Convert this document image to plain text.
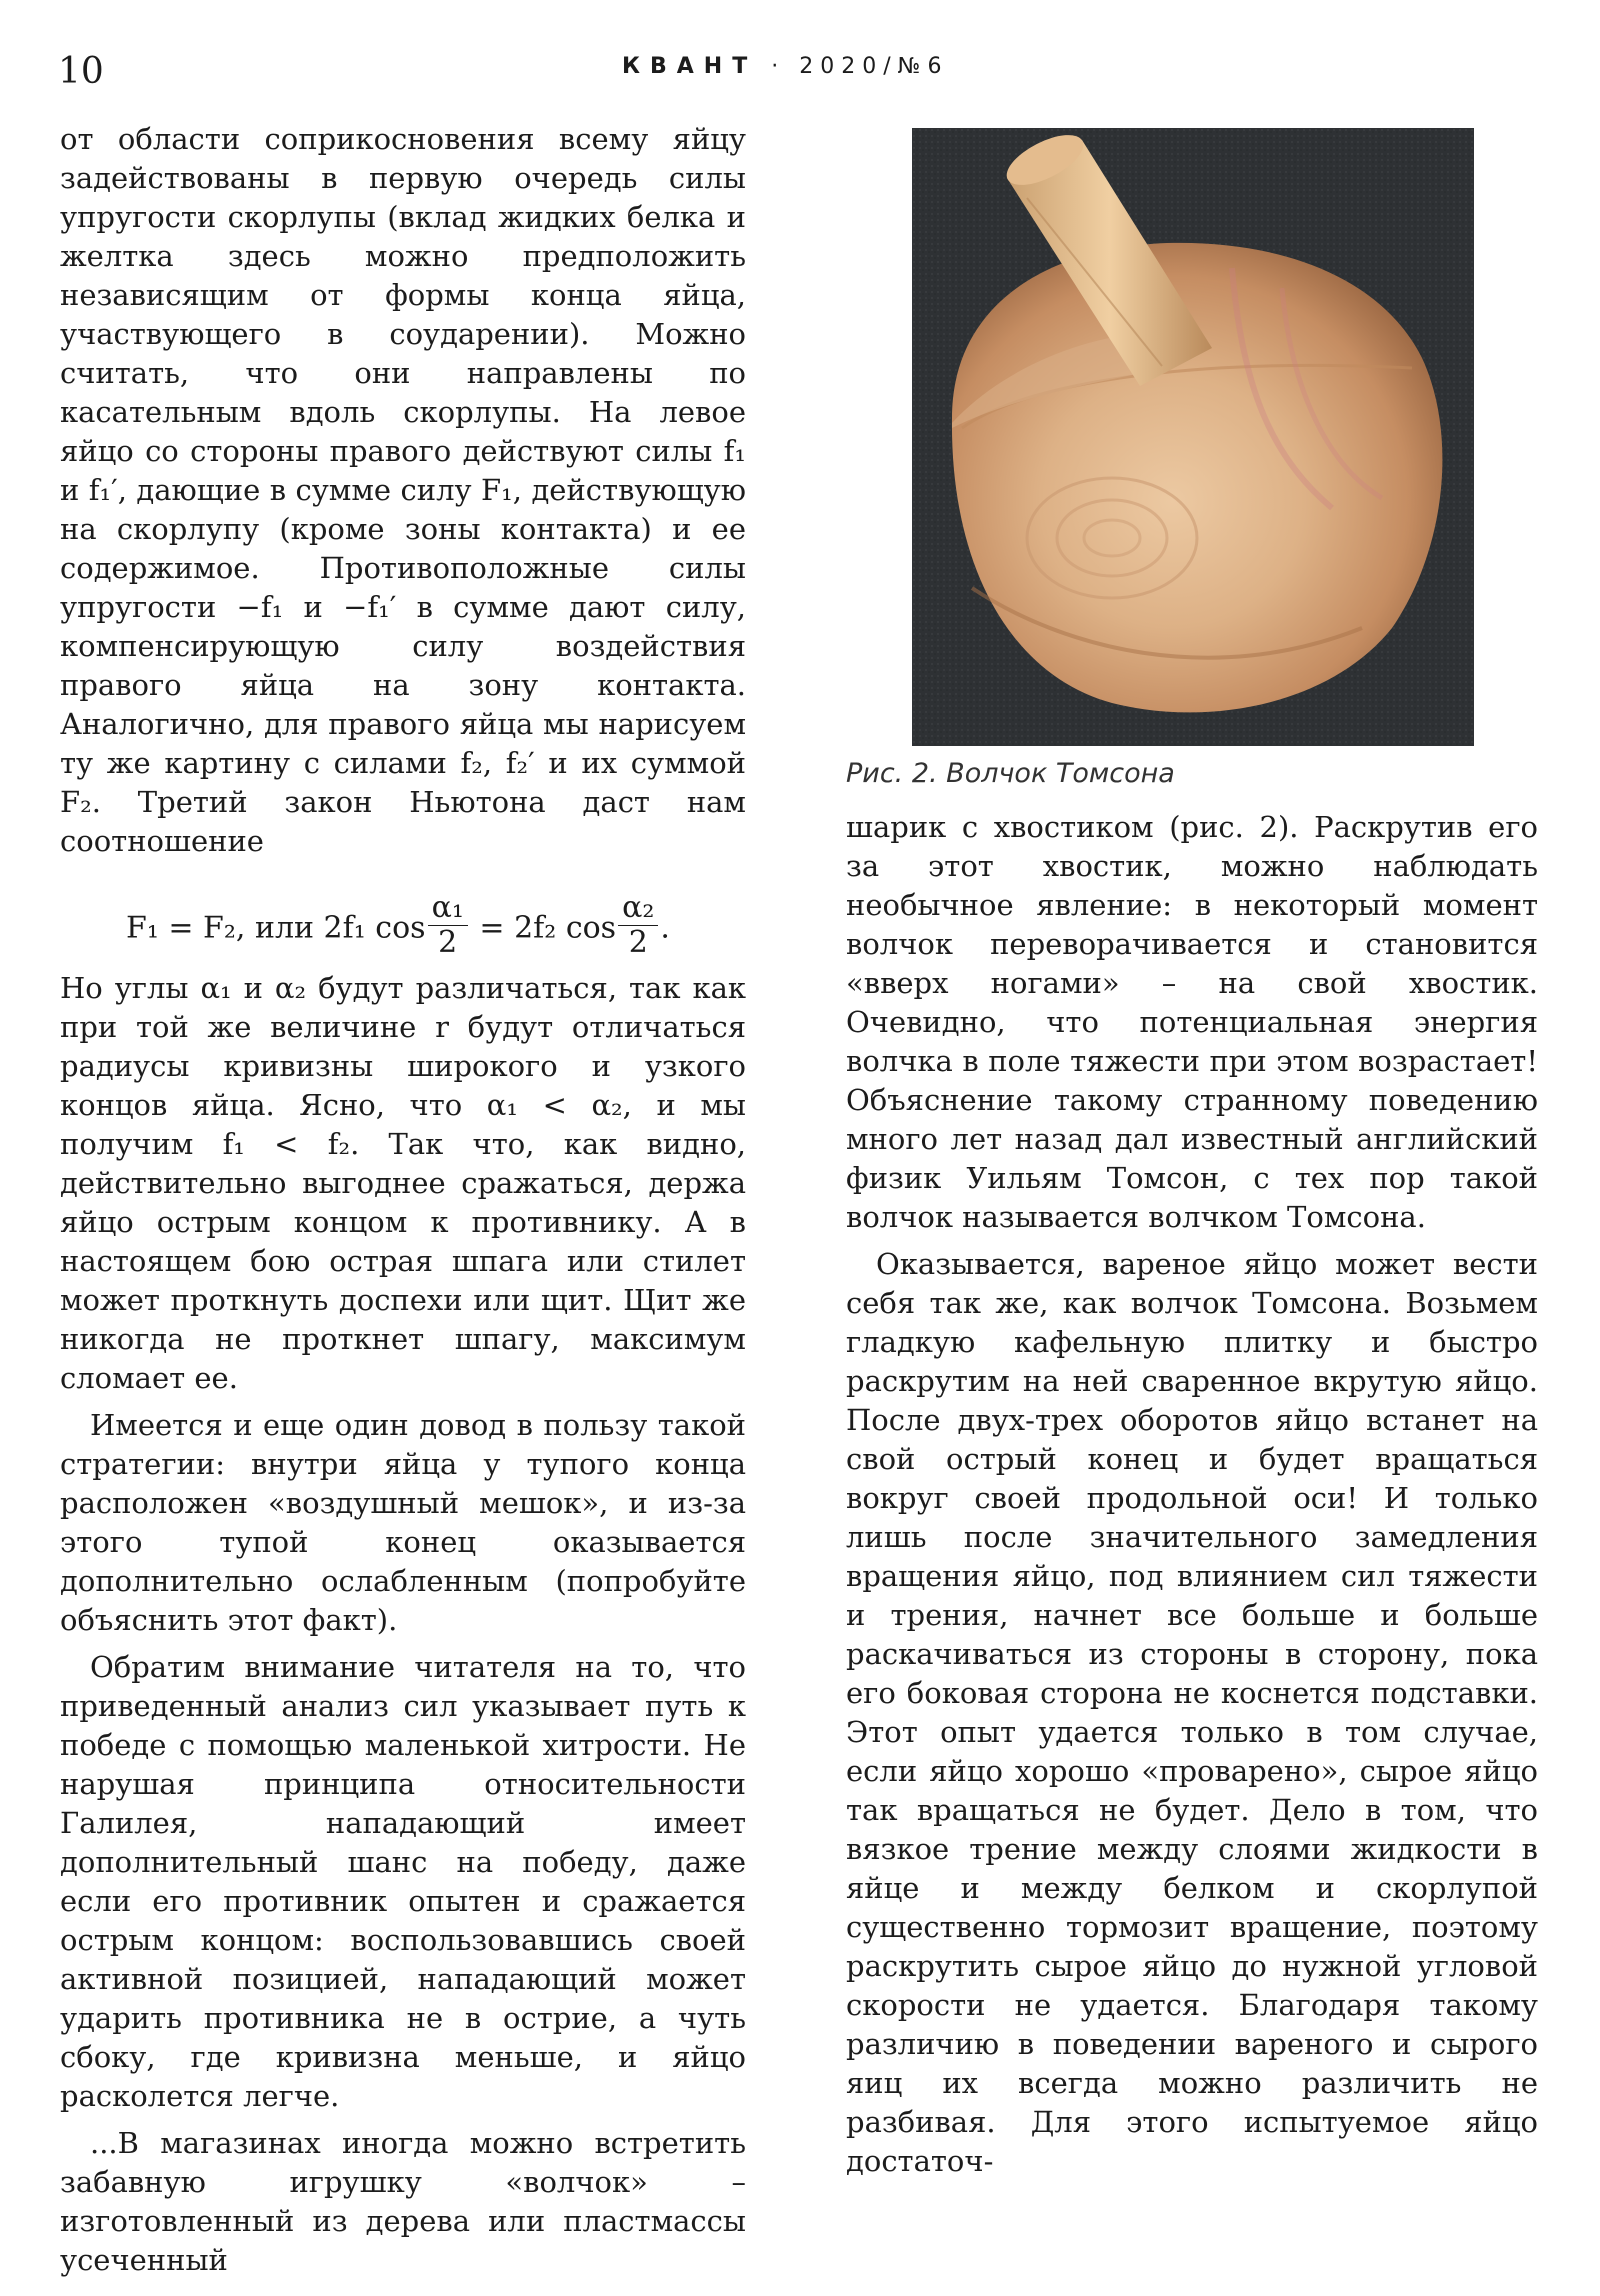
10	КВАНТ · 2020/№6

от области соприкосновения всему яйцу задействованы в первую очередь силы упругости скорлупы (вклад жидких белка и желтка здесь можно предположить независящим от формы конца яйца, участвующего в соударении). Можно считать, что они направлены по касательным вдоль скорлупы. На левое яйцо со стороны правого действуют силы f₁ и f₁′, дающие в сумме силу F₁, действующую на скорлупу (кроме зоны контакта) и ее содержимое. Противоположные силы упругости −f₁ и −f₁′ в сумме дают силу, компенсирующую силу воздействия правого яйца на зону контакта. Аналогично, для правого яйца мы нарисуем ту же картину с силами f₂, f₂′ и их суммой F₂. Третий закон Ньютона даст нам соотношение

F₁ = F₂, или 2f₁ $\cos \frac{\text{α₁}}{2} = 2f_2$ $\cos \frac{\text{α₂}}{2}$ .

Но углы α₁ и α₂ будут различаться, так как при той же величине r будут отличаться радиусы кривизны широкого и узкого концов яйца. Ясно, что α₁ < α₂, и мы получим f₁ < f₂. Так что, как видно, действительно выгоднее сражаться, держа яйцо острым концом к противнику. А в настоящем бою острая шпага или стилет может проткнуть доспехи или щит. Щит же никогда не проткнет шпагу, максимум сломает ее.

Имеется и еще один довод в пользу такой стратегии: внутри яйца у тупого конца расположен «воздушный мешок», и из-за этого тупой конец оказывается дополнительно ослабленным (попробуйте объяснить этот факт).

Обратим внимание читателя на то, что приведенный анализ сил указывает путь к победе с помощью маленькой хитрости. Не нарушая принципа относительности Галилея, нападающий имеет дополнительный шанс на победу, даже если его противник опытен и сражается острым концом: воспользовавшись своей активной позицией, нападающий может ударить противника не в острие, а чуть сбоку, где кривизна меньше, и яйцо расколется легче.

...В магазинах иногда можно встретить забавную игрушку «волчок» – изготовленный из дерева или пластмассы усеченный

Рис. 2. Волчок Томсона

шарик с хвостиком (рис. 2). Раскрутив его за этот хвостик, можно наблюдать необычное явление: в некоторый момент волчок переворачивается и становится «вверх ногами» – на свой хвостик. Очевидно, что потенциальная энергия волчка в поле тяжести при этом возрастает! Объяснение такому странному поведению много лет назад дал известный английский физик Уильям Томсон, с тех пор такой волчок называется волчком Томсона.

Оказывается, вареное яйцо может вести себя так же, как волчок Томсона. Возьмем гладкую кафельную плитку и быстро раскрутим на ней сваренное вкрутую яйцо. После двух-трех оборотов яйцо встанет на свой острый конец и будет вращаться вокруг своей продольной оси! И только лишь после значительного замедления вращения яйцо, под влиянием сил тяжести и трения, начнет все больше и больше раскачиваться из стороны в сторону, пока его боковая сторона не коснется подставки. Этот опыт удается только в том случае, если яйцо хорошо «проварено», сырое яйцо так вращаться не будет. Дело в том, что вязкое трение между слоями жидкости в яйце и между белком и скорлупой существенно тормозит вращение, поэтому раскрутить сырое яйцо до нужной угловой скорости не удается. Благодаря такому различию в поведении вареного и сырого яиц их всегда можно различить не разбивая. Для этого испытуемое яйцо достаточ-
